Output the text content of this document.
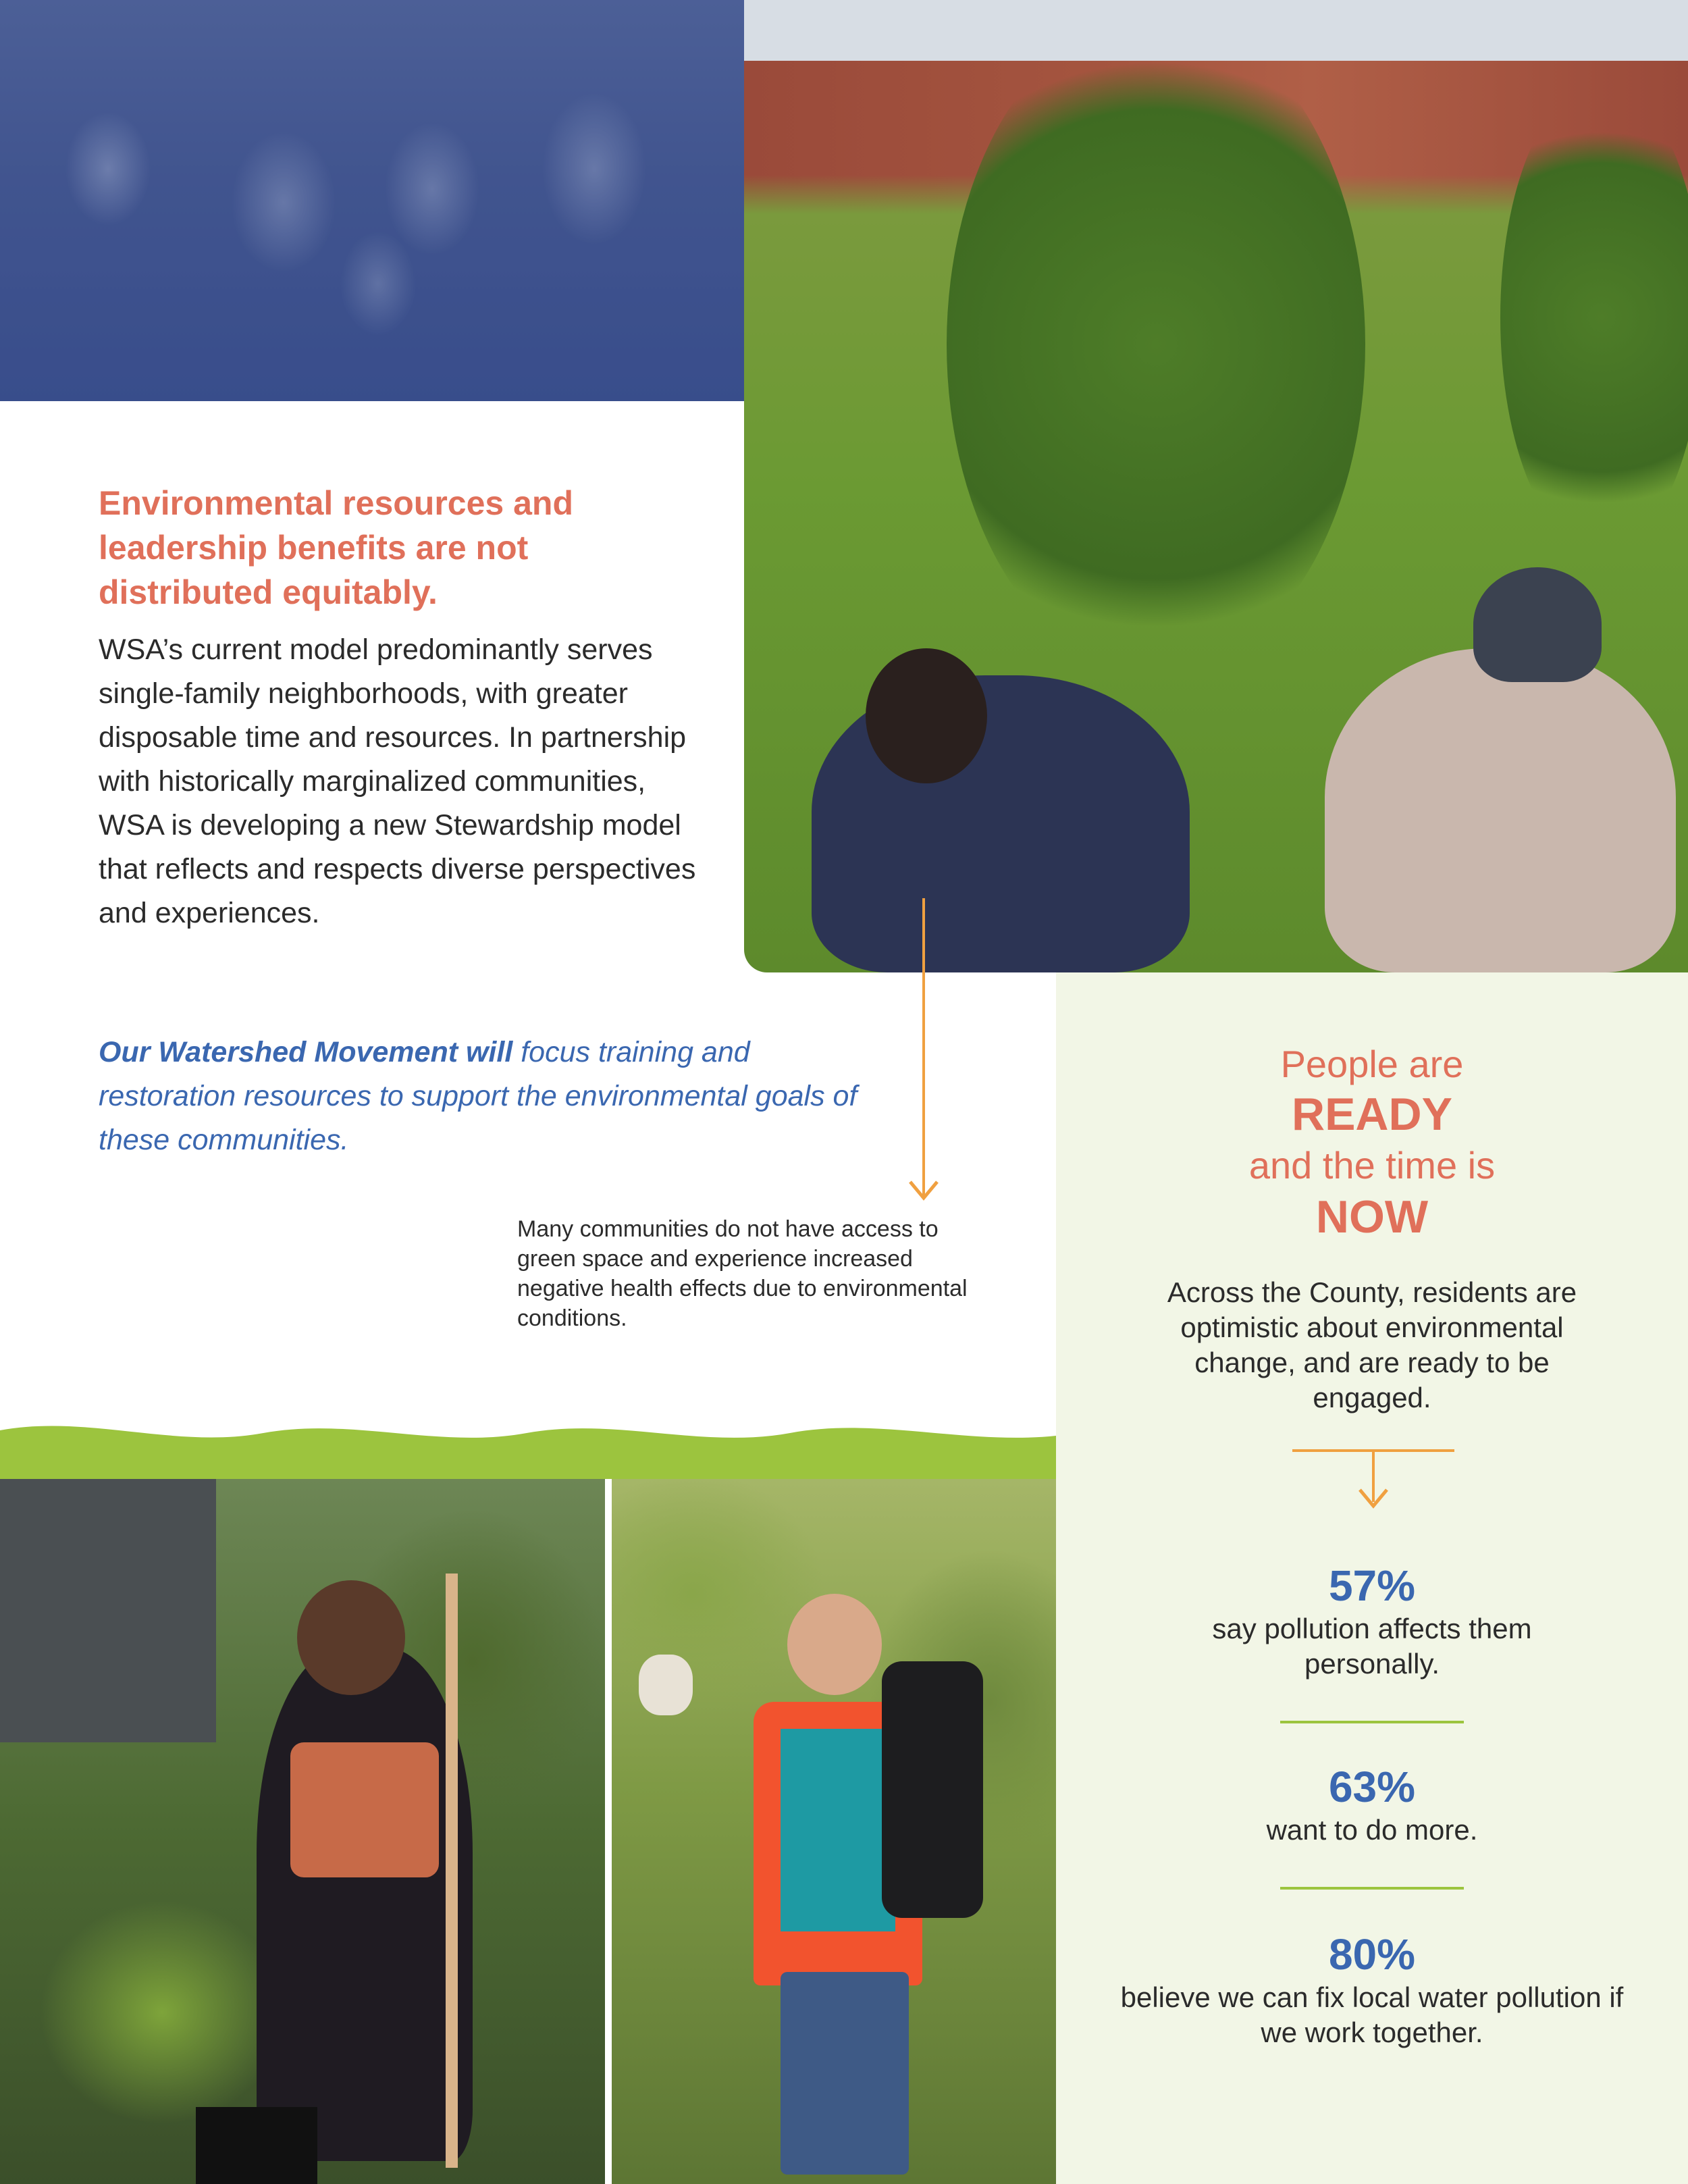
Environmental resources and leadership benefits are not distributed equitably.
WSA’s current model predominantly serves single-family neighborhoods, with greater disposable time and resources. In partnership with historically marginalized communities, WSA is developing a new Stewardship model that reflects and respects diverse perspectives and experiences.
Our Watershed Movement will focus training and restoration resources to support the environmental goals of these communities.
Many communities do not have access to green space and experience increased negative health effects due to environmental conditions.
People are
READY
and the time is
NOW
Across the County, residents are optimistic about environmental change, and are ready to be engaged.
57%
say pollution affects them personally.
63%
want to do more.
80%
believe we can fix local water pollution if we work together.
